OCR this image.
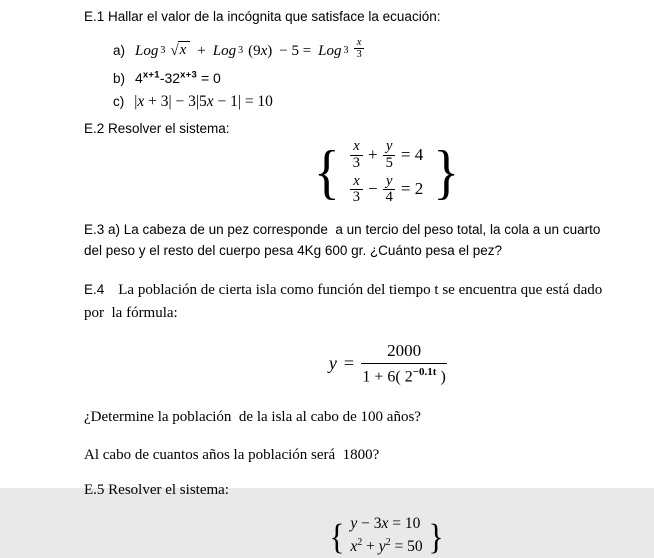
E.1 Hallar el valor de la incógnita que satisface la ecuación:

a) Log 3 √ x + Log 3 (9x) − 5 = Log $3 \frac{x}{3}$
b) $4^{x+1}-32^{x+3} = 0$
c) |x + 3| − 3|5x − 1| = 10

E.2 Resolver el sistema:

{ $\frac{x}{3} + \frac{y}{5} = 4$
$\frac{x}{3} - \frac{y}{4} = 2$ }

E.3 a) La cabeza de un pez corresponde  a un tercio del peso total, la cola a un cuarto
del peso y el resto del cuerpo pesa 4Kg 600 gr. ¿Cuánto pesa el pez?

E.4 La población de cierta isla como función del tiempo t se encuentra que está dado
por  la fórmula:

$y = \frac{2000}{1 + 6( 2^{-0.1t} )}$

¿Determine la población  de la isla al cabo de 100 años?

Al cabo de cuantos años la población será  1800?

E.5 Resolver el sistema:

{ y − 3x = 10
$x^2 + y^2 = 50$ }
